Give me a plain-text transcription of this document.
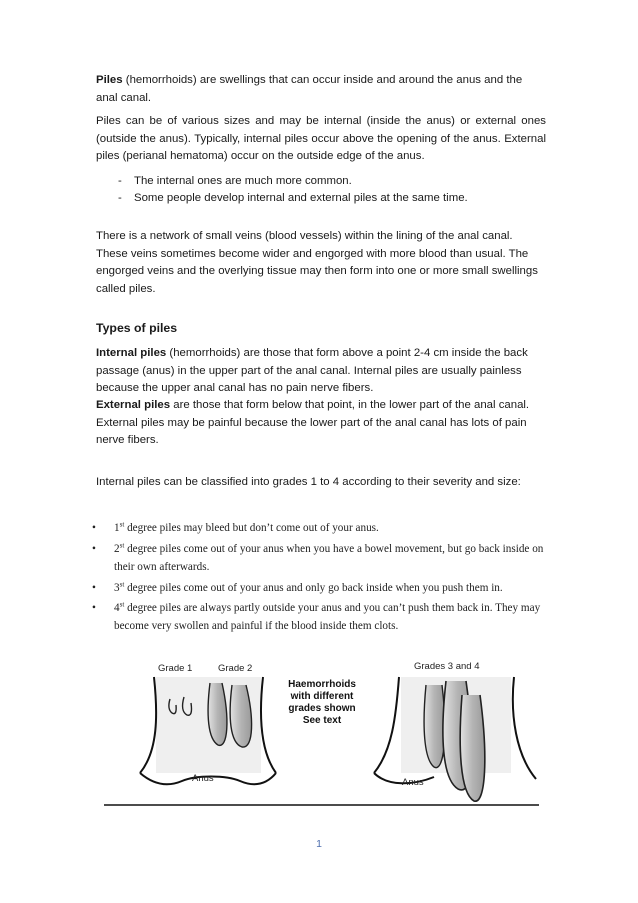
Piles (hemorrhoids) are swellings that can occur inside and around the anus and the anal canal.

Piles can be of various sizes and may be internal (inside the anus) or external ones (outside the anus). Typically, internal piles occur above the opening of the anus. External piles (perianal hematoma) occur on the outside edge of the anus.

- The internal ones are much more common.
- Some people develop internal and external piles at the same time.

There is a network of small veins (blood vessels) within the lining of the anal canal. These veins sometimes become wider and engorged with more blood than usual. The engorged veins and the overlying tissue may then form into one or more small swellings called piles.

Types of piles

Internal piles (hemorrhoids) are those that form above a point 2-4 cm inside the back passage (anus) in the upper part of the anal canal. Internal piles are usually painless because the upper anal canal has no pain nerve fibers.

External piles are those that form below that point, in the lower part of the anal canal. External piles may be painful because the lower part of the anal canal has lots of pain nerve fibers.

Internal piles can be classified into grades 1 to 4 according to their severity and size:

• 1st degree piles may bleed but don’t come out of your anus.
• 2st degree piles come out of your anus when you have a bowel movement, but go back inside on their own afterwards.
• 3st degree piles come out of your anus and only go back inside when you push them in.
• 4st degree piles are always partly outside your anus and you can’t push them back in. They may become very swollen and painful if the blood inside them clots.
Grade 1	Grade 2	Grades 3 and 4
Haemorrhoids
with different
grades shown
See text
Anus	Anus
1
